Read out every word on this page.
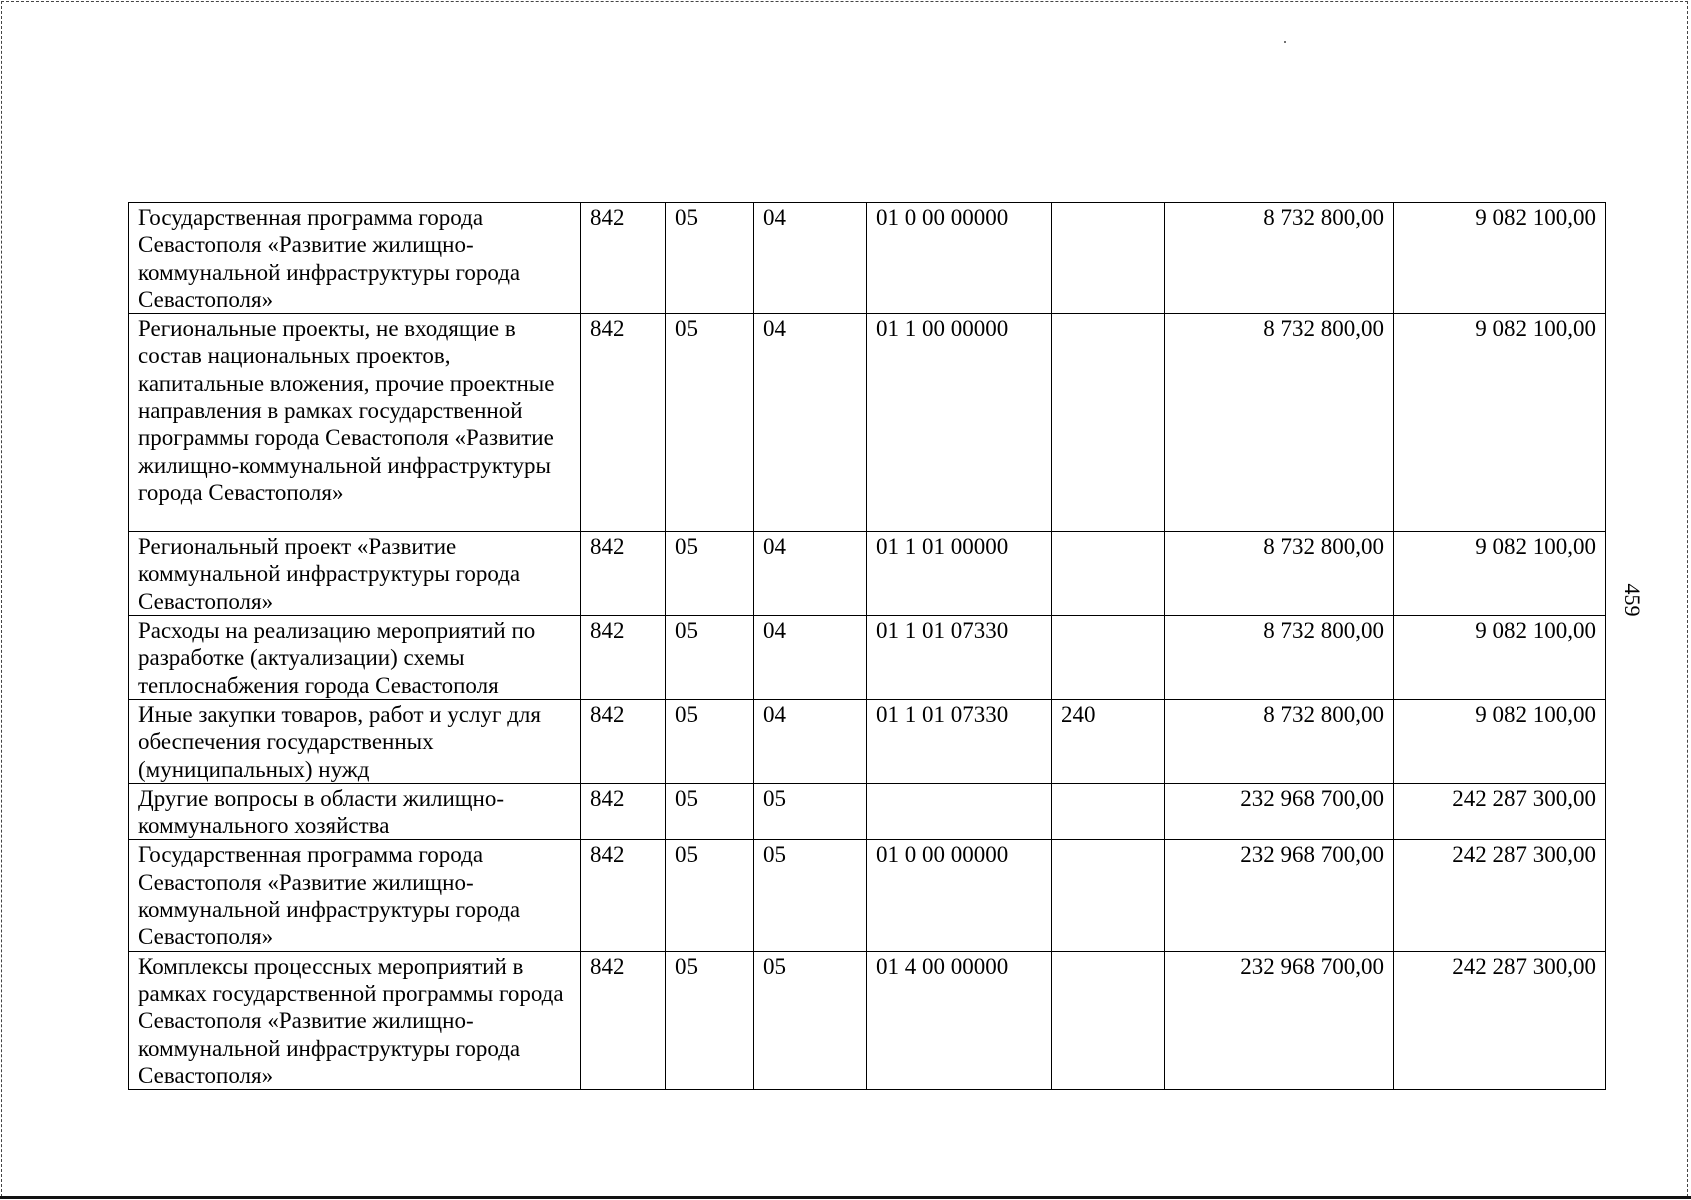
459
Государственная программа города Севастополя «Развитие жилищно-коммунальной инфраструктуры города Севастополя»	842	05	04	01 0 00 00000		8 732 800,00	9 082 100,00
Региональные проекты, не входящие в состав национальных проектов, капитальные вложения, прочие проектные направления в рамках государственной программы города Севастополя «Развитие жилищно-коммунальной инфраструктуры города Севастополя»	842	05	04	01 1 00 00000		8 732 800,00	9 082 100,00
Региональный проект «Развитие коммунальной инфраструктуры города Севастополя»	842	05	04	01 1 01 00000		8 732 800,00	9 082 100,00
Расходы на реализацию мероприятий по разработке (актуализации) схемы теплоснабжения города Севастополя	842	05	04	01 1 01 07330		8 732 800,00	9 082 100,00
Иные закупки товаров, работ и услуг для обеспечения государственных (муниципальных) нужд	842	05	04	01 1 01 07330	240	8 732 800,00	9 082 100,00
Другие вопросы в области жилищно-коммунального хозяйства	842	05	05			232 968 700,00	242 287 300,00
Государственная программа города Севастополя «Развитие жилищно-коммунальной инфраструктуры города Севастополя»	842	05	05	01 0 00 00000		232 968 700,00	242 287 300,00
Комплексы процессных мероприятий в рамках государственной программы города Севастополя «Развитие жилищно-коммунальной инфраструктуры города Севастополя»	842	05	05	01 4 00 00000		232 968 700,00	242 287 300,00
